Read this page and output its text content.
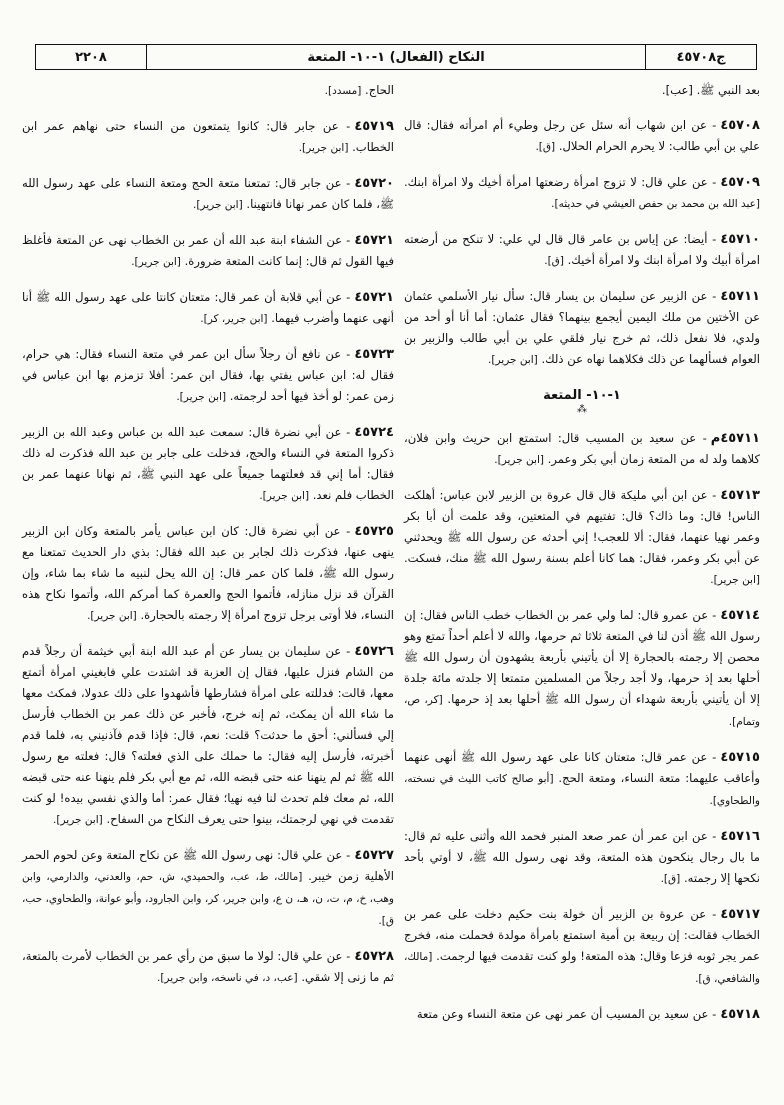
ج٤٥٧٠٨
النكاح (الفعال) ١-١٠- المتعة
٢٢٠٨
بعد النبي ﷺ. [عب].

٤٥٧٠٨- عن ابن شهاب أنه سئل عن رجل وطيء أم امرأته فقال: قال علي بن أبي طالب: لا يحرم الحرام الحلال. [ق].

٤٥٧٠٩- عن علي قال: لا تزوج امرأة رضعتها امرأة أخيك ولا امرأة ابنك. [عبد الله بن محمد بن حفص العيشي في حديثه].

٤٥٧١٠- أيضا: عن إياس بن عامر قال قال لي علي: لا تنكح من أرضعته امرأة أبيك ولا امرأة ابنك ولا امرأة أخيك. [ق].

٤٥٧١١- عن الزبير عن سليمان بن يسار قال: سأل نيار الأسلمي عثمان عن الأختين من ملك اليمين أيجمع بينهما؟ فقال عثمان: أما أنا أو أحد من ولدي، فلا نفعل ذلك، ثم خرج نيار فلقي علي بن أبي طالب والزبير بن العوام فسألهما عن ذلك فكلاهما نهاه عن ذلك. [ابن جرير].

١-١٠- المتعة
⁂

٤٥٧١١م- عن سعيد بن المسيب قال: استمتع ابن حريث وابن فلان، كلاهما ولد له من المتعة زمان أبي بكر وعمر. [ابن جرير].

٤٥٧١٣- عن ابن أبي مليكة قال قال عروة بن الزبير لابن عباس: أهلكت الناس! قال: وما ذاك؟ قال: تفتيهم في المتعتين، وقد علمت أن أبا بكر وعمر نهيا عنهما، فقال: ألا للعجب! إني أحدثه عن رسول الله ﷺ ويحدثني عن أبي بكر وعمر، فقال: هما كانا أعلم بسنة رسول الله ﷺ منك، فسكت. [ابن جرير].

٤٥٧١٤- عن عمرو قال: لما ولي عمر بن الخطاب خطب الناس فقال: إن رسول الله ﷺ أذن لنا في المتعة ثلاثا ثم حرمها، والله لا أعلم أحداً تمتع وهو محصن إلا رجمته بالحجارة إلا أن يأتيني بأربعة يشهدون أن رسول الله ﷺ أحلها بعد إذ حرمها، ولا أجد رجلاً من المسلمين متمتعا إلا جلدته مائة جلدة إلا أن يأتيني بأربعة شهداء أن رسول الله ﷺ أحلها بعد إذ حرمها. [كر، ص، وتمام].

٤٥٧١٥- عن عمر قال: متعتان كانا على عهد رسول الله ﷺ أنهى عنهما وأعاقب عليهما: متعة النساء، ومتعة الحج. [أبو صالح كاتب الليث في نسخته، والطحاوي].

٤٥٧١٦- عن ابن عمر أن عمر صعد المنبر فحمد الله وأثنى عليه ثم قال: ما بال رجال ينكحون هذه المتعة، وقد نهى رسول الله ﷺ، لا أوتي بأحد نكحها إلا رجمته. [ق].

٤٥٧١٧- عن عروة بن الزبير أن خولة بنت حكيم دخلت على عمر بن الخطاب فقالت: إن ربيعة بن أمية استمتع بامرأة مولدة فحملت منه، فخرج عمر يجر ثوبه فزعا وقال: هذه المتعة! ولو كنت تقدمت فيها لرجمت. [مالك، والشافعي، ق].

٤٥٧١٨- عن سعيد بن المسيب أن عمر نهى عن متعة النساء وعن متعة

الحاج. [مسدد].

٤٥٧١٩- عن جابر قال: كانوا يتمتعون من النساء حتى نهاهم عمر ابن الخطاب. [ابن جرير].

٤٥٧٢٠- عن جابر قال: تمتعنا متعة الحج ومتعة النساء على عهد رسول الله ﷺ، فلما كان عمر نهانا فانتهينا. [ابن جرير].

٤٥٧٢١- عن الشفاء ابنة عبد الله أن عمر بن الخطاب نهى عن المتعة فأغلظ فيها القول ثم قال: إنما كانت المتعة ضرورة. [ابن جرير].

٤٥٧٢١- عن أبي قلابة أن عمر قال: متعتان كانتا على عهد رسول الله ﷺ أنا أنهى عنهما وأضرب فيهما. [ابن جرير، كر].

٤٥٧٢٣- عن نافع أن رجلاً سأل ابن عمر في متعة النساء فقال: هي حرام، فقال له: ابن عباس يفتي بها، فقال ابن عمر: أفلا تزمزم بها ابن عباس في زمن عمر: لو أخذ فيها أحد لرجمته. [ابن جرير].

٤٥٧٢٤- عن أبي نضرة قال: سمعت عبد الله بن عباس وعبد الله بن الزبير ذكروا المتعة في النساء والحج، فدخلت على جابر بن عبد الله فذكرت له ذلك فقال: أما إني قد فعلتهما جميعاً على عهد النبي ﷺ، ثم نهانا عنهما عمر بن الخطاب فلم نعد. [ابن جرير].

٤٥٧٢٥- عن أبي نضرة قال: كان ابن عباس يأمر بالمتعة وكان ابن الزبير ينهى عنها، فذكرت ذلك لجابر بن عبد الله فقال: بذي دار الحديث تمتعنا مع رسول الله ﷺ، فلما كان عمر قال: إن الله يحل لنبيه ما شاء بما شاء، وإن القرآن قد نزل منازله، فأتموا الحج والعمرة كما أمركم الله، وأتموا نكاح هذه النساء، فلا أوتى برجل تزوج امرأة إلا رجمته بالحجارة. [ابن جرير].

٤٥٧٢٦- عن سليمان بن يسار عن أم عبد الله ابنة أبي خيثمة أن رجلاً قدم من الشام فنزل عليها، فقال إن العزبة قد اشتدت علي فابغيني امرأة أتمتع معها، قالت: فدللته على امرأة فشارطها فأشهدوا على ذلك عدولا، فمكث معها ما شاء الله أن يمكث، ثم إنه خرج، فأخبر عن ذلك عمر بن الخطاب فأرسل إلي فسألني: أحق ما حدثت؟ قلت: نعم، قال: فإذا قدم فآذنيني به، فلما قدم أخبرته، فأرسل إليه فقال: ما حملك على الذي فعلته؟ قال: فعلته مع رسول الله ﷺ ثم لم ينهنا عنه حتى قبضه الله، ثم مع أبي بكر فلم ينهنا عنه حتى قبضه الله، ثم معك فلم تحدث لنا فيه نهيا؛ فقال عمر: أما والذي نفسي بيده! لو كنت تقدمت في نهي لرجمتك، بينوا حتى يعرف النكاح من السفاح. [ابن جرير].

٤٥٧٢٧- عن علي قال: نهى رسول الله ﷺ عن نكاح المتعة وعن لحوم الحمر الأهلية زمن خيبر. [مالك، ط، عب، والحميدي، ش، حم، والعدني، والدارمي، وابن وهب، خ، م، ت، ن، هـ، ن ع، وابن جرير، كر، وابن الجارود، وأبو عوانة، والطحاوي، حب، ق].

٤٥٧٢٨- عن علي قال: لولا ما سبق من رأي عمر بن الخطاب لأمرت بالمتعة، ثم ما زنى إلا شقي. [عب، د، في ناسخه، وابن جرير].
